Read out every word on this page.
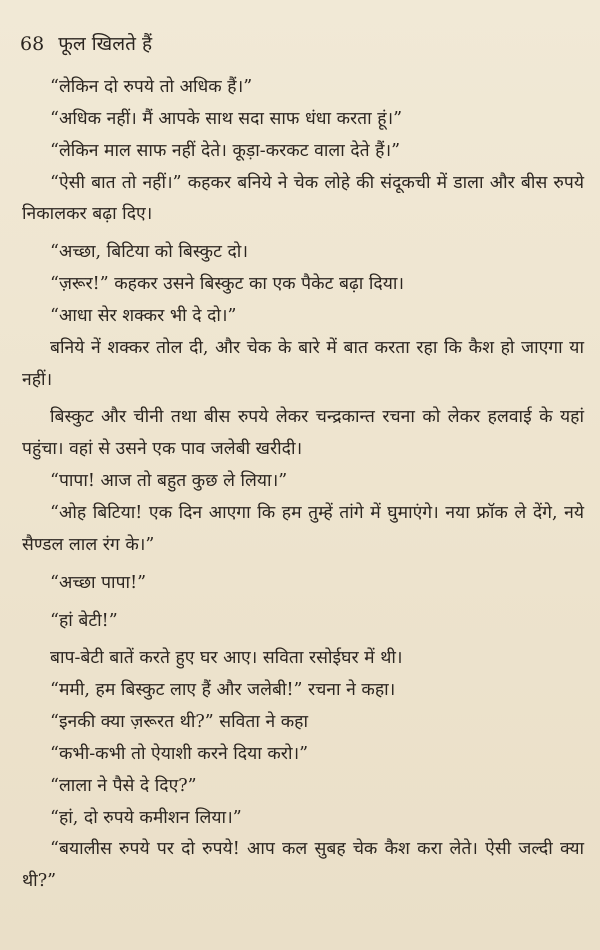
68 फूल खिलते हैं

“लेकिन दो रुपये तो अधिक हैं।”

“अधिक नहीं। मैं आपके साथ सदा साफ धंधा करता हूं।”

“लेकिन माल साफ नहीं देते। कूड़ा-करकट वाला देते हैं।”

“ऐसी बात तो नहीं।” कहकर बनिये ने चेक लोहे की संदूकची में डाला और बीस रुपये निकालकर बढ़ा दिए।

“अच्छा, बिटिया को बिस्कुट दो।

“ज़रूर!” कहकर उसने बिस्कुट का एक पैकेट बढ़ा दिया।

“आधा सेर शक्कर भी दे दो।”

बनिये नें शक्कर तोल दी, और चेक के बारे में बात करता रहा कि कैश हो जाएगा या नहीं।

बिस्कुट और चीनी तथा बीस रुपये लेकर चन्द्रकान्त रचना को लेकर हलवाई के यहां पहुंचा। वहां से उसने एक पाव जलेबी खरीदी।

“पापा! आज तो बहुत कुछ ले लिया।”

“ओह बिटिया! एक दिन आएगा कि हम तुम्हें तांगे में घुमाएंगे। नया फ्रॉक ले देंगे, नये सैण्डल लाल रंग के।”

“अच्छा पापा!”

“हां बेटी!”

बाप-बेटी बातें करते हुए घर आए। सविता रसोईघर में थी।

“ममी, हम बिस्कुट लाए हैं और जलेबी!” रचना ने कहा।

“इनकी क्या ज़रूरत थी?” सविता ने कहा

“कभी-कभी तो ऐयाशी करने दिया करो।”

“लाला ने पैसे दे दिए?”

“हां, दो रुपये कमीशन लिया।”

“बयालीस रुपये पर दो रुपये! आप कल सुबह चेक कैश करा लेते। ऐसी जल्दी क्या थी?”
